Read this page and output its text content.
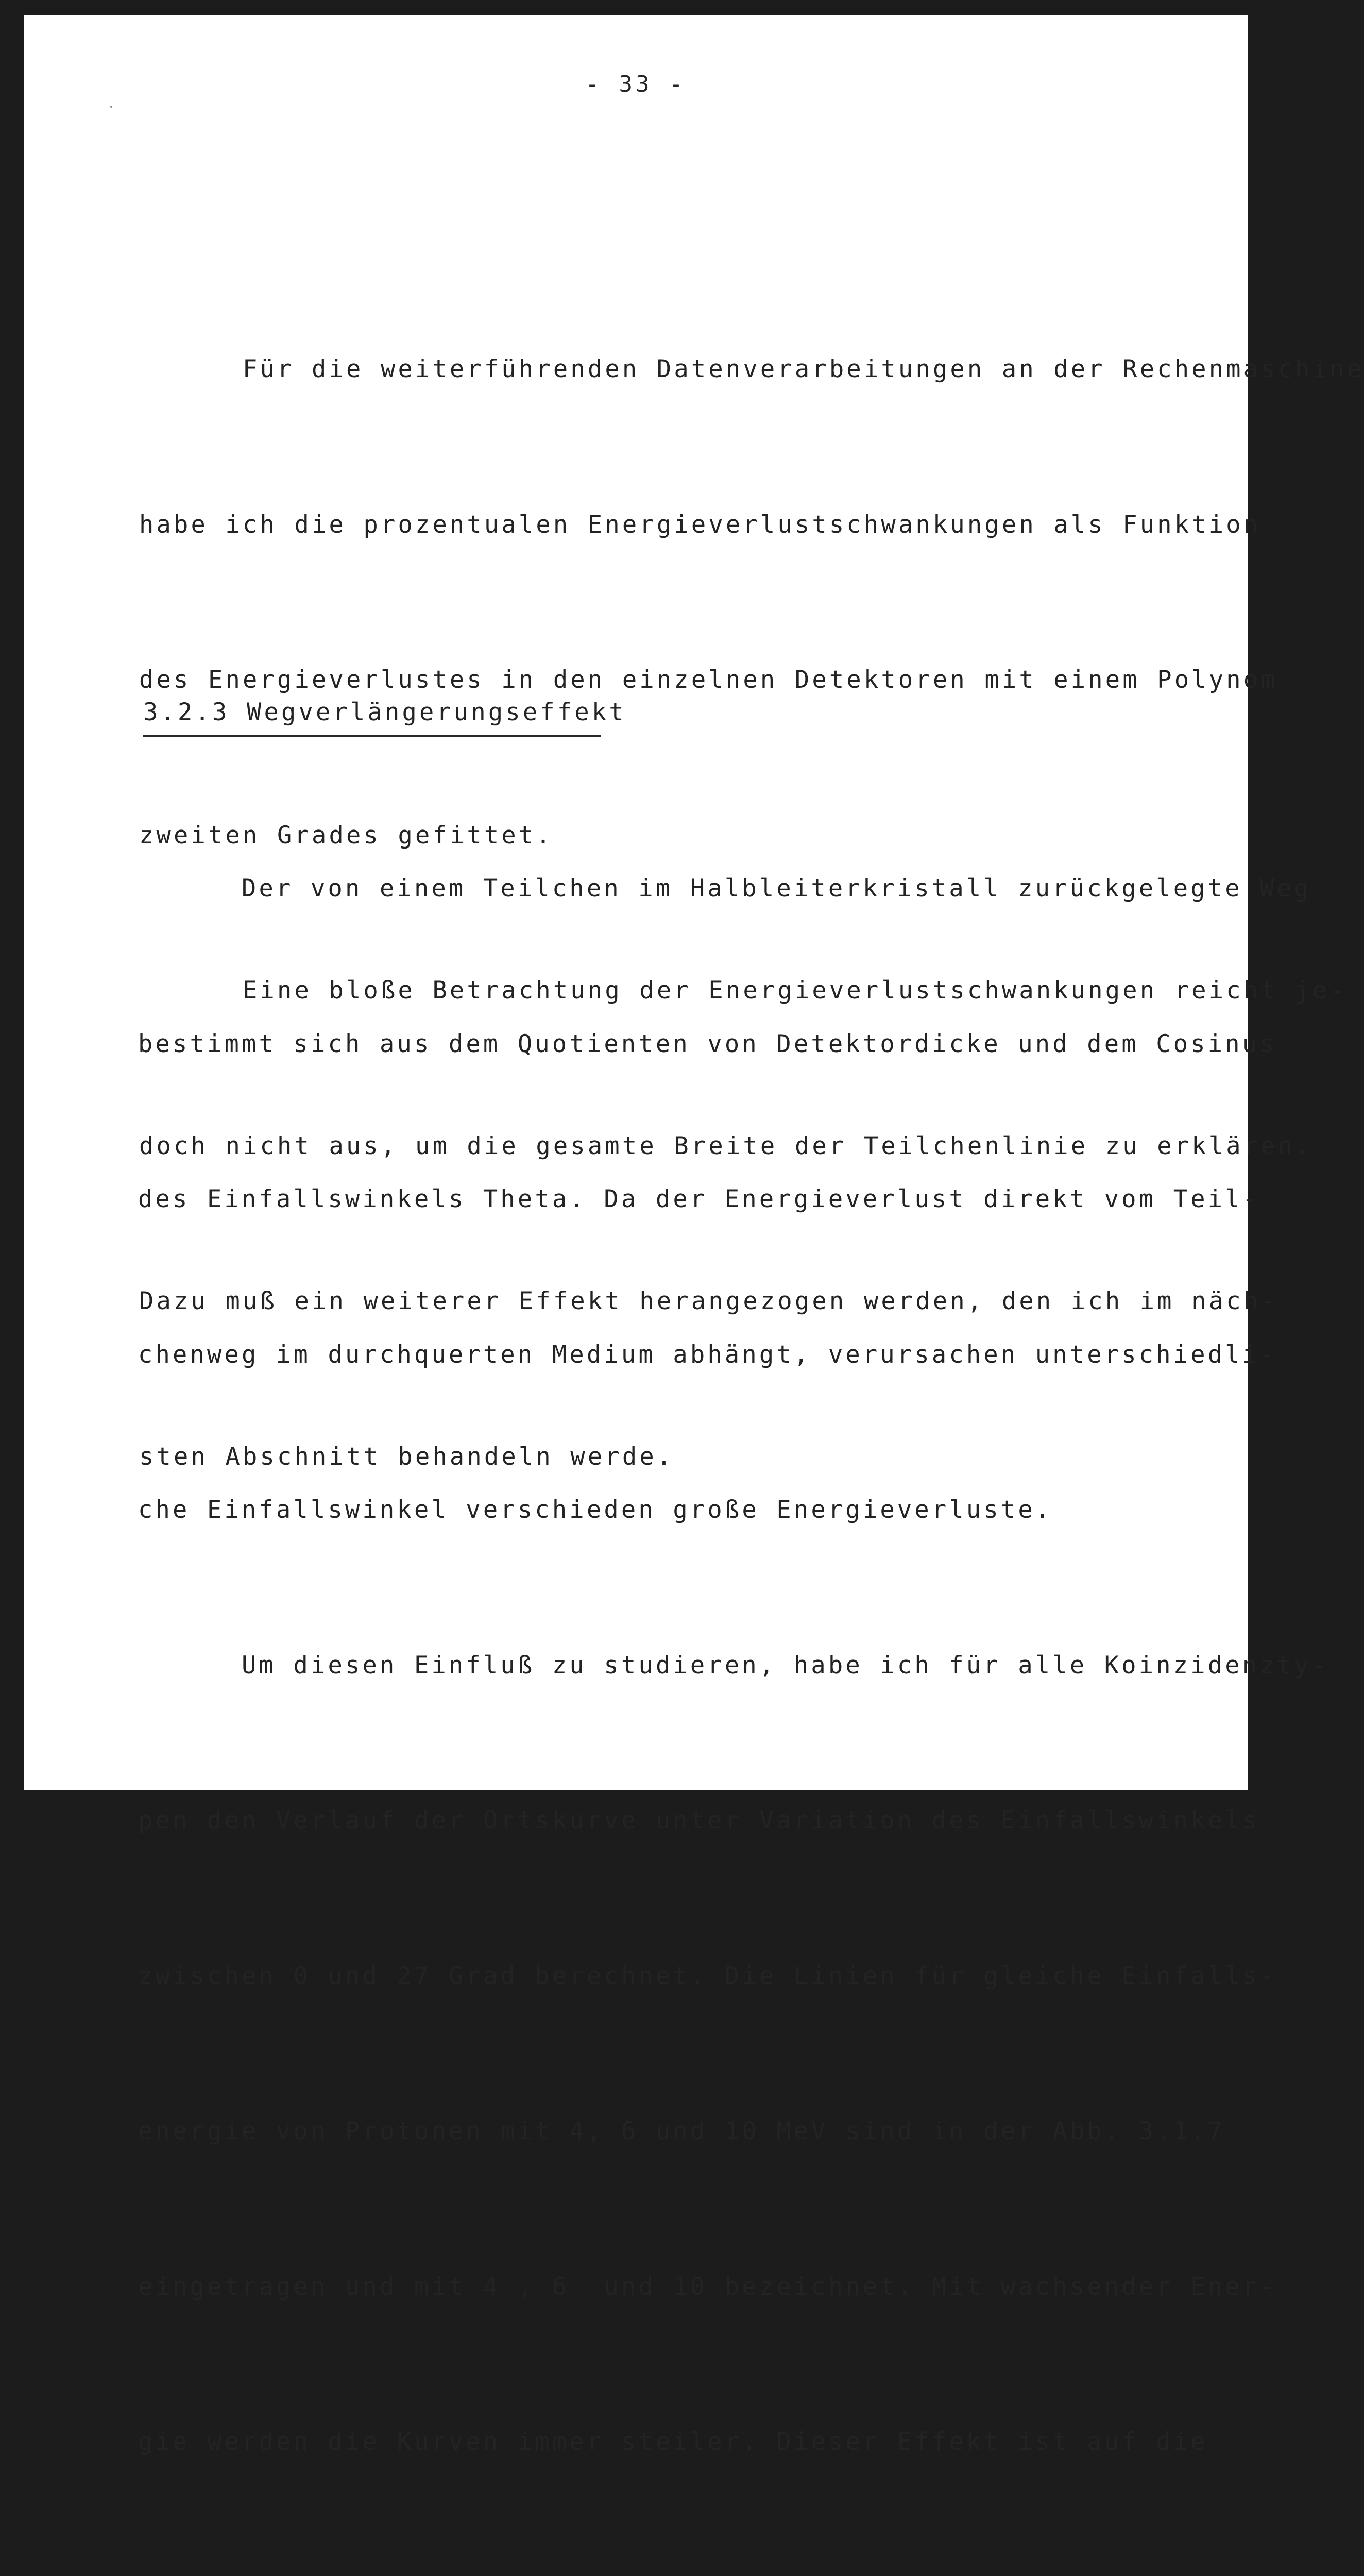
- 33 -

Für die weiterführenden Datenverarbeitungen an der Rechenmaschine

habe ich die prozentualen Energieverlustschwankungen als Funktion

des Energieverlustes in den einzelnen Detektoren mit einem Polynom

zweiten Grades gefittet.

Eine bloße Betrachtung der Energieverlustschwankungen reicht je-

doch nicht aus, um die gesamte Breite der Teilchenlinie zu erklären.

Dazu muß ein weiterer Effekt herangezogen werden, den ich im näch-

sten Abschnitt behandeln werde.

3.2.3 Wegverlängerungseffekt

Der von einem Teilchen im Halbleiterkristall zurückgelegte Weg

bestimmt sich aus dem Quotienten von Detektordicke und dem Cosinus

des Einfallswinkels Theta. Da der Energieverlust direkt vom Teil-

chenweg im durchquerten Medium abhängt, verursachen unterschiedli-

che Einfallswinkel verschieden große Energieverluste.

Um diesen Einfluß zu studieren, habe ich für alle Koinzidenzty-

pen den Verlauf der Ortskurve unter Variation des Einfallswinkels

zwischen 0 und 27 Grad berechnet. Die Linien für gleiche Einfalls-

energie von Protonen mit 4, 6 und 10 MeV sind in der Abb. 3.1.7

eingetragen und mit 4 , 6  und 10 bezeichnet. Mit wachsender Ener-

gie werden die Kurven immer steiler. Dieser Effekt ist auf die
